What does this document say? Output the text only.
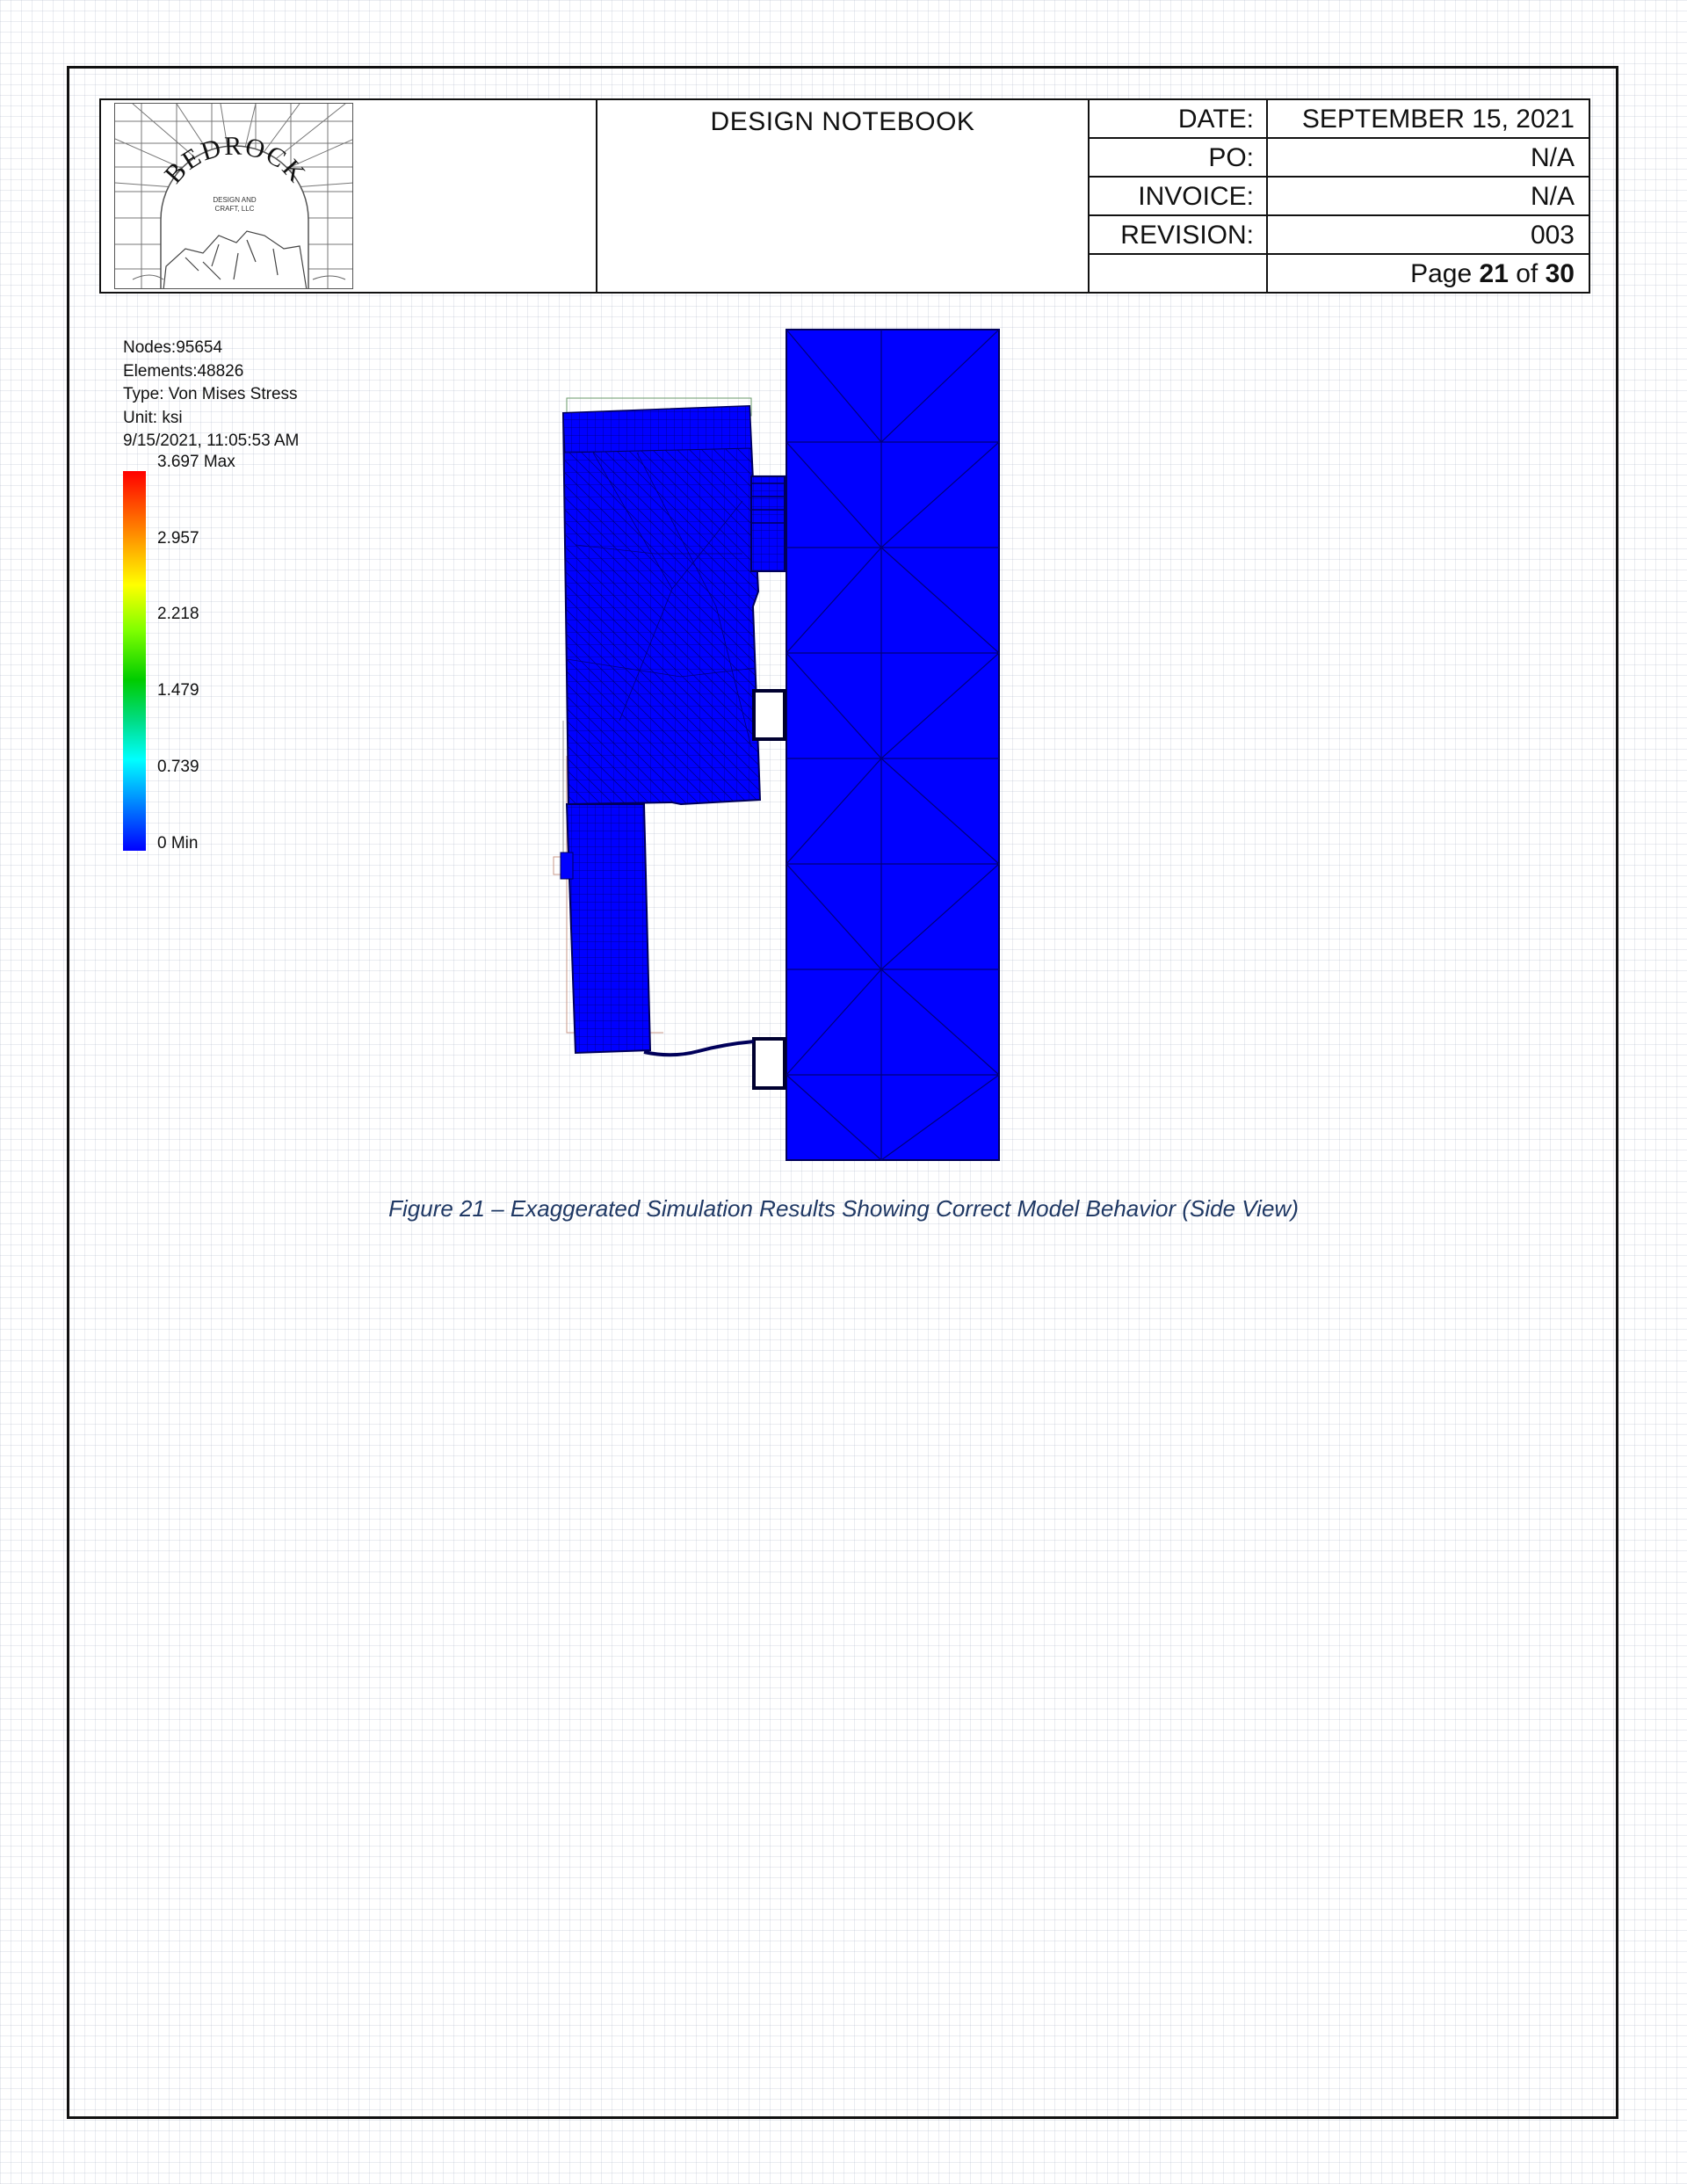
BEDROCK
DESIGN AND
CRAFT, LLC
DESIGN NOTEBOOK	DATE:	SEPTEMBER 15, 2021
PO:	N/A
INVOICE:	N/A
REVISION:	003
Page 21 of 30
Nodes:95654
Elements:48826
Type: Von Mises Stress
Unit: ksi
9/15/2021, 11:05:53 AM
3.697 Max
2.957
2.218
1.479
0.739
0 Min
Figure 21 – Exaggerated Simulation Results Showing Correct Model Behavior (Side View)
